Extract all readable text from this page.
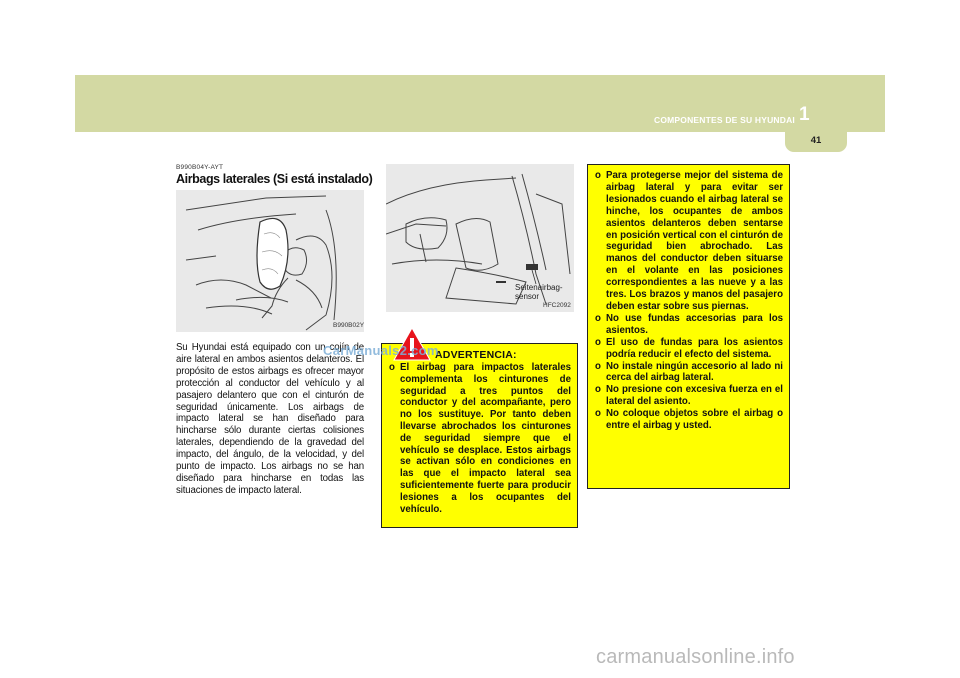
COMPONENTES DE SU HYUNDAI 1
41
B990B04Y-AYT
Airbags laterales (Si está instalado)
B990B02Y
Su Hyundai está equipado con un cojín de aire lateral en ambos asientos delanteros. El propósito de estos airbags es ofrecer mayor protección al conductor del vehículo y al pasajero delantero que con el cinturón de seguridad únicamente. Los airbags de impacto lateral se han diseñado para hincharse sólo durante ciertas colisiones laterales, dependiendo de la gravedad del impacto, del ángulo, de la velocidad, y del punto de impacto. Los airbags no se han diseñado para hincharse en todas las situaciones de impacto lateral.
Seitenairbag-
sensor
HFC2092
ADVERTENCIA:
o El airbag para impactos laterales complementa los cinturones de seguridad a tres puntos del conductor y del acompañante, pero no los sustituye. Por tanto deben llevarse abrochados los cinturones de seguridad siempre que el vehículo se desplace. Estos airbags se activan sólo en condiciones en las que el impacto lateral sea suficientemente fuerte para producir lesiones a los ocupantes del vehículo.
o Para protegerse mejor del sistema de airbag lateral y para evitar ser lesionados cuando el airbag lateral se hinche, los ocupantes de ambos asientos delanteros deben sentarse en posición vertical con el cinturón de seguridad bien abrochado. Las manos del conductor deben situarse en el volante en las posiciones correspondientes a las nueve y a las tres. Los brazos y manos del pasajero deben estar sobre sus piernas.
o No use fundas accesorias para los asientos.
o El uso de fundas para los asientos podría reducir el efecto del sistema.
o No instale ningún accesorio al lado ni cerca del airbag lateral.
o No presione con excesiva fuerza en el lateral del asiento.
o No coloque objetos sobre el airbag o entre el airbag y usted.
CarManuals2.com
carmanualsonline.info
